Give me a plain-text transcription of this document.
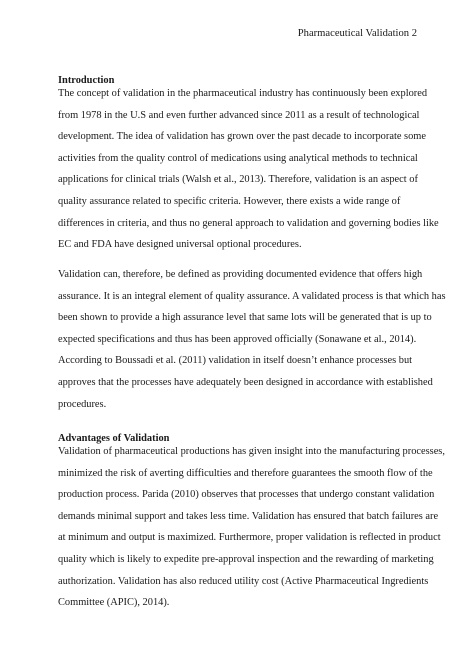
Pharmaceutical Validation 2

Introduction

The concept of validation in the pharmaceutical industry has continuously been explored
from 1978 in the U.S and even further advanced since 2011 as a result of technological
development. The idea of validation has grown over the past decade to incorporate some
activities from the quality control of medications using analytical methods to technical
applications for clinical trials (Walsh et al., 2013). Therefore, validation is an aspect of
quality assurance related to specific criteria. However, there exists a wide range of
differences in criteria, and thus no general approach to validation and governing bodies like
EC and FDA have designed universal optional procedures.

Validation can, therefore, be defined as providing documented evidence that offers high
assurance. It is an integral element of quality assurance. A validated process is that which has
been shown to provide a high assurance level that same lots will be generated that is up to
expected specifications and thus has been approved officially (Sonawane et al., 2014).
According to Boussadi et al. (2011) validation in itself doesn’t enhance processes but
approves that the processes have adequately been designed in accordance with established
procedures.

Advantages of Validation

Validation of pharmaceutical productions has given insight into the manufacturing processes,
minimized the risk of averting difficulties and therefore guarantees the smooth flow of the
production process. Parida (2010) observes that processes that undergo constant validation
demands minimal support and takes less time. Validation has ensured that batch failures are
at minimum and output is maximized. Furthermore, proper validation is reflected in product
quality which is likely to expedite pre-approval inspection and the rewarding of marketing
authorization. Validation has also reduced utility cost (Active Pharmaceutical Ingredients
Committee (APIC), 2014).
